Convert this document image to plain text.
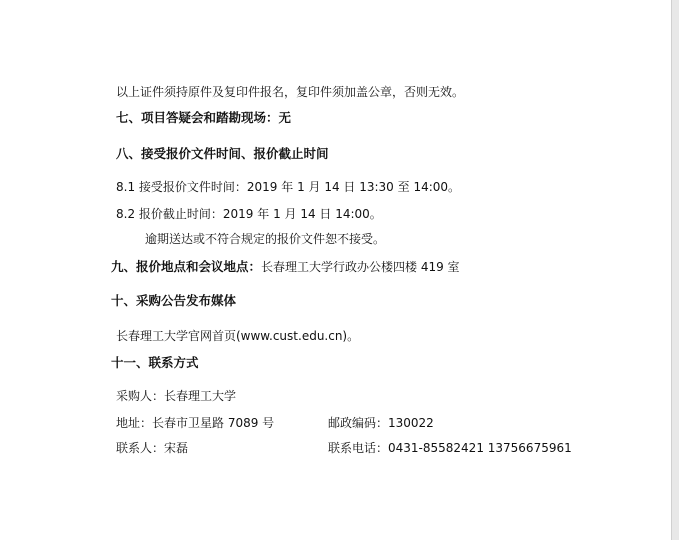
以上证件须持原件及复印件报名，复印件须加盖公章，否则无效。
七、项目答疑会和踏勘现场：无
八、接受报价文件时间、报价截止时间
8.1 接受报价文件时间：2019 年 1 月 14 日 13:30 至 14:00。
8.2 报价截止时间：2019 年 1 月 14 日 14:00。
逾期送达或不符合规定的报价文件恕不接受。
九、报价地点和会议地点：长春理工大学行政办公楼四楼 419 室
十、采购公告发布媒体
长春理工大学官网首页(www.cust.edu.cn)。
十一、联系方式
采购人：长春理工大学
地址：长春市卫星路 7089 号	邮政编码：130022
联系人：宋磊	联系电话：0431-85582421 13756675961
